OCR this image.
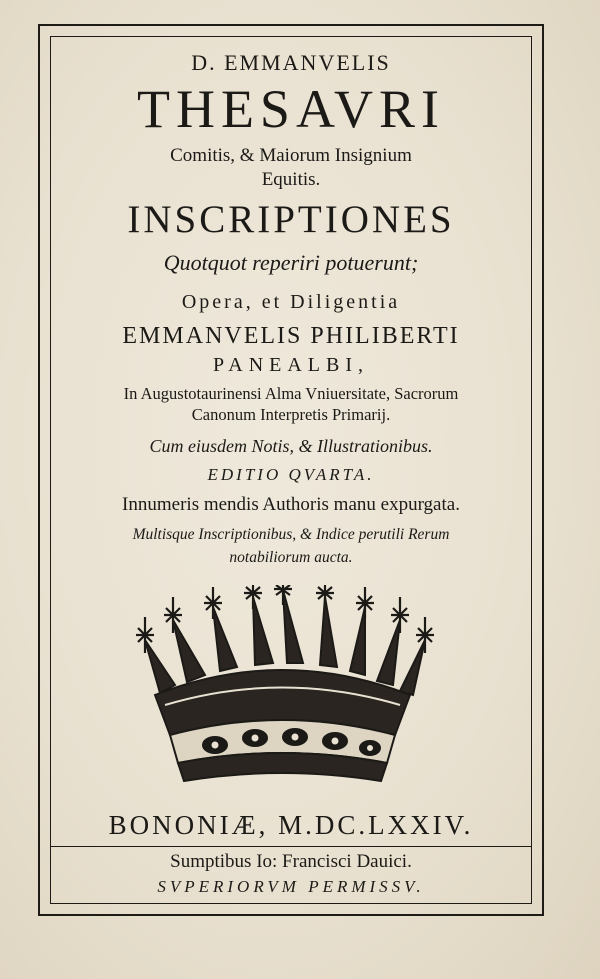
D. EMMANVELIS
THESAVRI
Comitis, & Maiorum Insignium
Equitis.
INSCRIPTIONES
Quotquot reperiri potuerunt;
Opera, et Diligentia
EMMANVELIS PHILIBERTI
PANEALBI,
In Augustotaurinensi Alma Vniuersitate, Sacrorum
Canonum Interpretis Primarij.
Cum eiusdem Notis, & Illustrationibus.
EDITIO QVARTA.
Innumeris mendis Authoris manu expurgata.
Multisque Inscriptionibus, & Indice perutili Rerum
notabiliorum aucta.
BONONIÆ, M.DC.LXXIV.
Sumptibus Io: Francisci Dauici.
SVPERIORVM PERMISSV.
